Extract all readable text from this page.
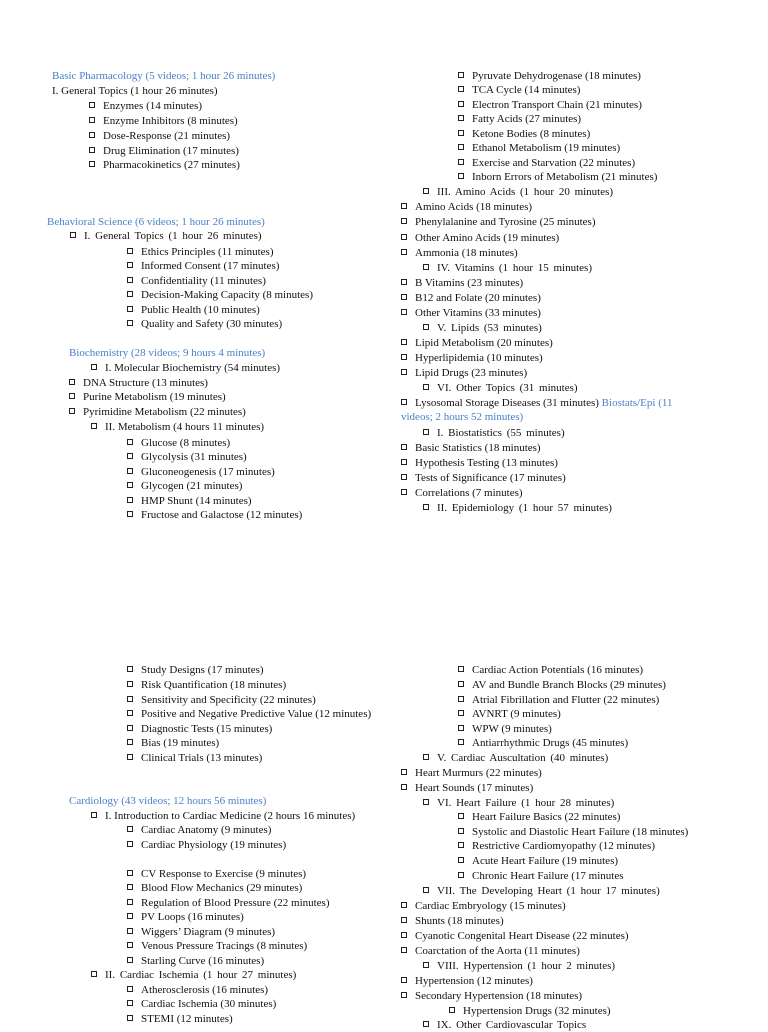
Basic Pharmacology (5 videos; 1 hour 26 minutes)
I. General Topics (1 hour 26 minutes)
Enzymes (14 minutes)
Enzyme Inhibitors (8 minutes)
Dose-Response (21 minutes)
Drug Elimination (17 minutes)
Pharmacokinetics (27 minutes)
Behavioral Science (6 videos; 1 hour 26 minutes)
I. General Topics (1 hour 26 minutes)
Ethics Principles (11 minutes)
Informed Consent (17 minutes)
Confidentiality (11 minutes)
Decision-Making Capacity (8 minutes)
Public Health (10 minutes)
Quality and Safety (30 minutes)
Biochemistry (28 videos; 9 hours 4 minutes)
I. Molecular Biochemistry (54 minutes)
DNA Structure (13 minutes)
Purine Metabolism (19 minutes)
Pyrimidine Metabolism (22 minutes)
II. Metabolism (4 hours 11 minutes)
Glucose (8 minutes)
Glycolysis (31 minutes)
Gluconeogenesis (17 minutes)
Glycogen (21 minutes)
HMP Shunt (14 minutes)
Fructose and Galactose (12 minutes)
Pyruvate Dehydrogenase (18 minutes)
TCA Cycle (14 minutes)
Electron Transport Chain (21 minutes)
Fatty Acids (27 minutes)
Ketone Bodies (8 minutes)
Ethanol Metabolism (19 minutes)
Exercise and Starvation (22 minutes)
Inborn Errors of Metabolism (21 minutes)
III. Amino Acids (1 hour 20 minutes)
Amino Acids (18 minutes)
Phenylalanine and Tyrosine (25 minutes)
Other Amino Acids (19 minutes)
Ammonia (18 minutes)
IV. Vitamins (1 hour 15 minutes)
B Vitamins (23 minutes)
B12 and Folate (20 minutes)
Other Vitamins (33 minutes)
V. Lipids (53 minutes)
Lipid Metabolism (20 minutes)
Hyperlipidemia (10 minutes)
Lipid Drugs (23 minutes)
VI. Other Topics (31 minutes)
Lysosomal Storage Diseases (31 minutes) Biostats/Epi (11
videos; 2 hours 52 minutes)
I. Biostatistics (55 minutes)
Basic Statistics (18 minutes)
Hypothesis Testing (13 minutes)
Tests of Significance (17 minutes)
Correlations (7 minutes)
II. Epidemiology (1 hour 57 minutes)
Study Designs (17 minutes)
Risk Quantification (18 minutes)
Sensitivity and Specificity (22 minutes)
Positive and Negative Predictive Value (12 minutes)
Diagnostic Tests (15 minutes)
Bias (19 minutes)
Clinical Trials (13 minutes)
Cardiology (43 videos; 12 hours 56 minutes)
I. Introduction to Cardiac Medicine (2 hours 16 minutes)
Cardiac Anatomy (9 minutes)
Cardiac Physiology (19 minutes)
CV Response to Exercise (9 minutes)
Blood Flow Mechanics (29 minutes)
Regulation of Blood Pressure (22 minutes)
PV Loops (16 minutes)
Wiggers’ Diagram (9 minutes)
Venous Pressure Tracings (8 minutes)
Starling Curve (16 minutes)
II. Cardiac Ischemia (1 hour 27 minutes)
Atherosclerosis (16 minutes)
Cardiac Ischemia (30 minutes)
STEMI (12 minutes)
Cardiac Action Potentials (16 minutes)
AV and Bundle Branch Blocks (29 minutes)
Atrial Fibrillation and Flutter (22 minutes)
AVNRT (9 minutes)
WPW (9 minutes)
Antiarrhythmic Drugs (45 minutes)
V. Cardiac Auscultation (40 minutes)
Heart Murmurs (22 minutes)
Heart Sounds (17 minutes)
VI. Heart Failure (1 hour 28 minutes)
Heart Failure Basics (22 minutes)
Systolic and Diastolic Heart Failure (18 minutes)
Restrictive Cardiomyopathy (12 minutes)
Acute Heart Failure (19 minutes)
Chronic Heart Failure (17 minutes
VII. The Developing Heart (1 hour 17 minutes)
Cardiac Embryology (15 minutes)
Shunts (18 minutes)
Cyanotic Congenital Heart Disease (22 minutes)
Coarctation of the Aorta (11 minutes)
VIII. Hypertension (1 hour 2 minutes)
Hypertension (12 minutes)
Secondary Hypertension (18 minutes)
Hypertension Drugs (32 minutes)
IX. Other Cardiovascular Topics
